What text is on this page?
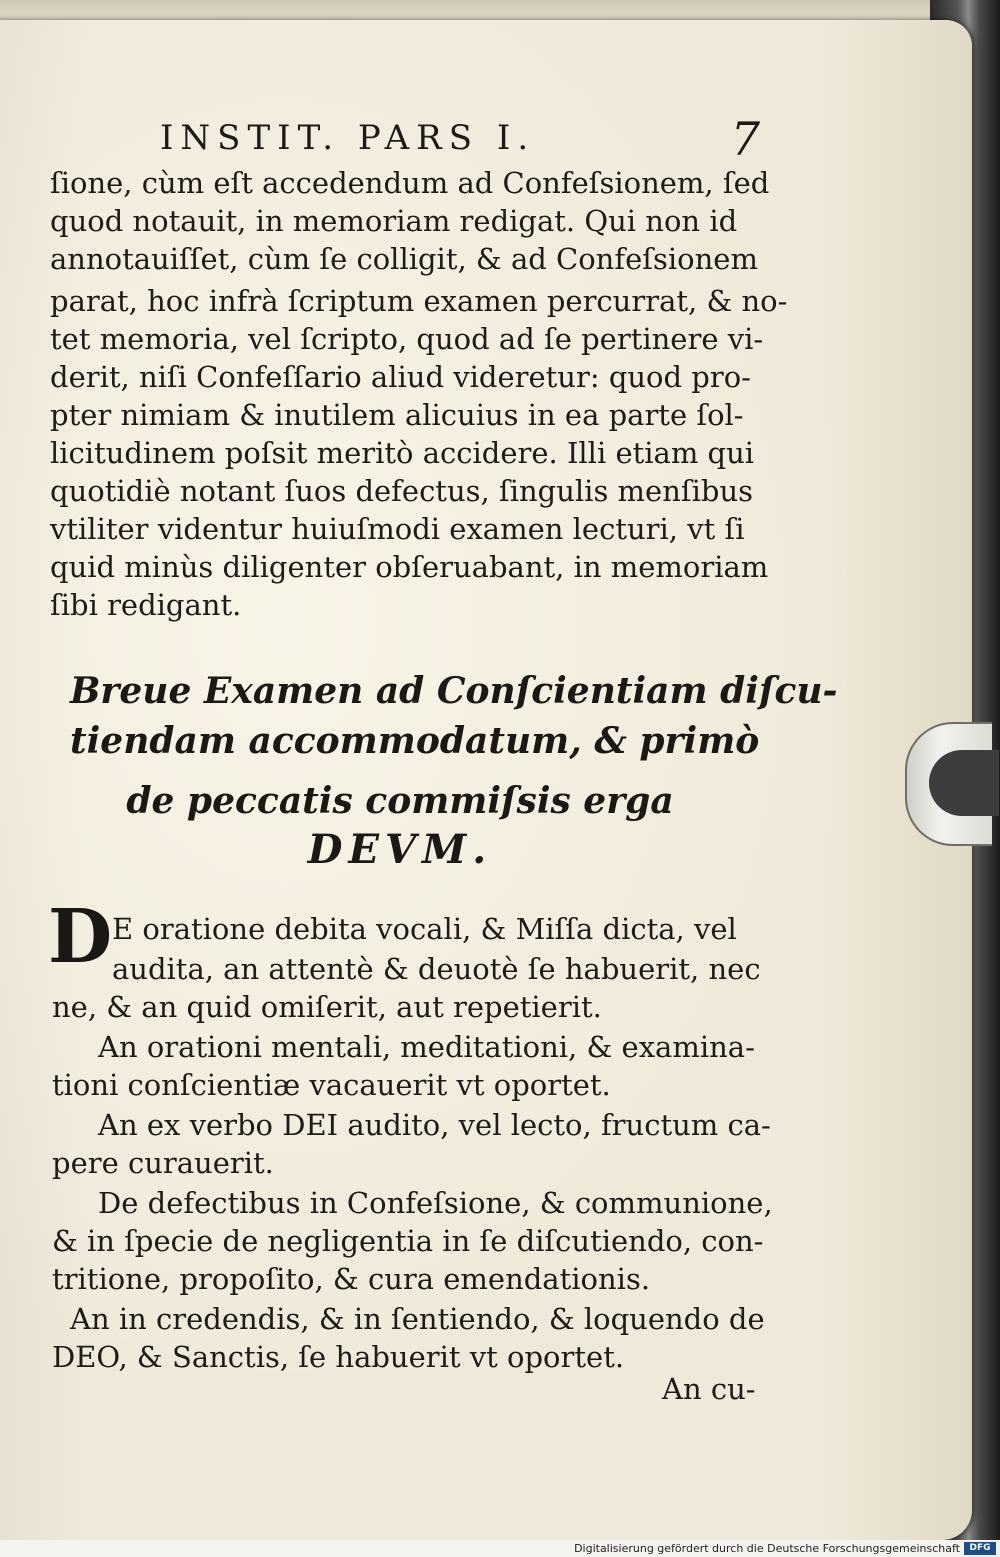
INSTIT. PARS I.	7
ſione, cùm eſt accedendum ad Confeſsionem, ſed
quod notauit, in memoriam redigat. Qui non id
annotauiſſet, cùm ſe colligit, & ad Confeſsionem
parat, hoc infrà ſcriptum examen percurrat, & no-
tet memoria, vel ſcripto, quod ad ſe pertinere vi-
derit, niſi Confeſſario aliud videretur: quod pro-
pter nimiam & inutilem alicuius in ea parte ſol-
licitudinem poſsit meritò accidere. Illi etiam qui
quotidiè notant ſuos defectus, ſingulis menſibus
vtiliter videntur huiuſmodi examen lecturi, vt ſi
quid minùs diligenter obſeruabant, in memoriam
ſibi redigant.
Breue Examen ad Conſcientiam diſcu-
tiendam accommodatum, & primò
de peccatis commiſsis erga
DEVM.
D E oratione debita vocali, & Miſſa dicta, vel
audita, an attentè & deuotè ſe habuerit, nec
ne, & an quid omiſerit, aut repetierit.
An orationi mentali, meditationi, & examina-
tioni conſcientiæ vacauerit vt oportet.
An ex verbo DEI audito, vel lecto, fructum ca-
pere curauerit.
De defectibus in Confeſsione, & communione,
& in ſpecie de negligentia in ſe diſcutiendo, con-
tritione, propoſito, & cura emendationis.
An in credendis, & in ſentiendo, & loquendo de
DEO, & Sanctis, ſe habuerit vt oportet.
An cu-
Digitalisierung gefördert durch die Deutsche Forschungsgemeinschaft	DFG
